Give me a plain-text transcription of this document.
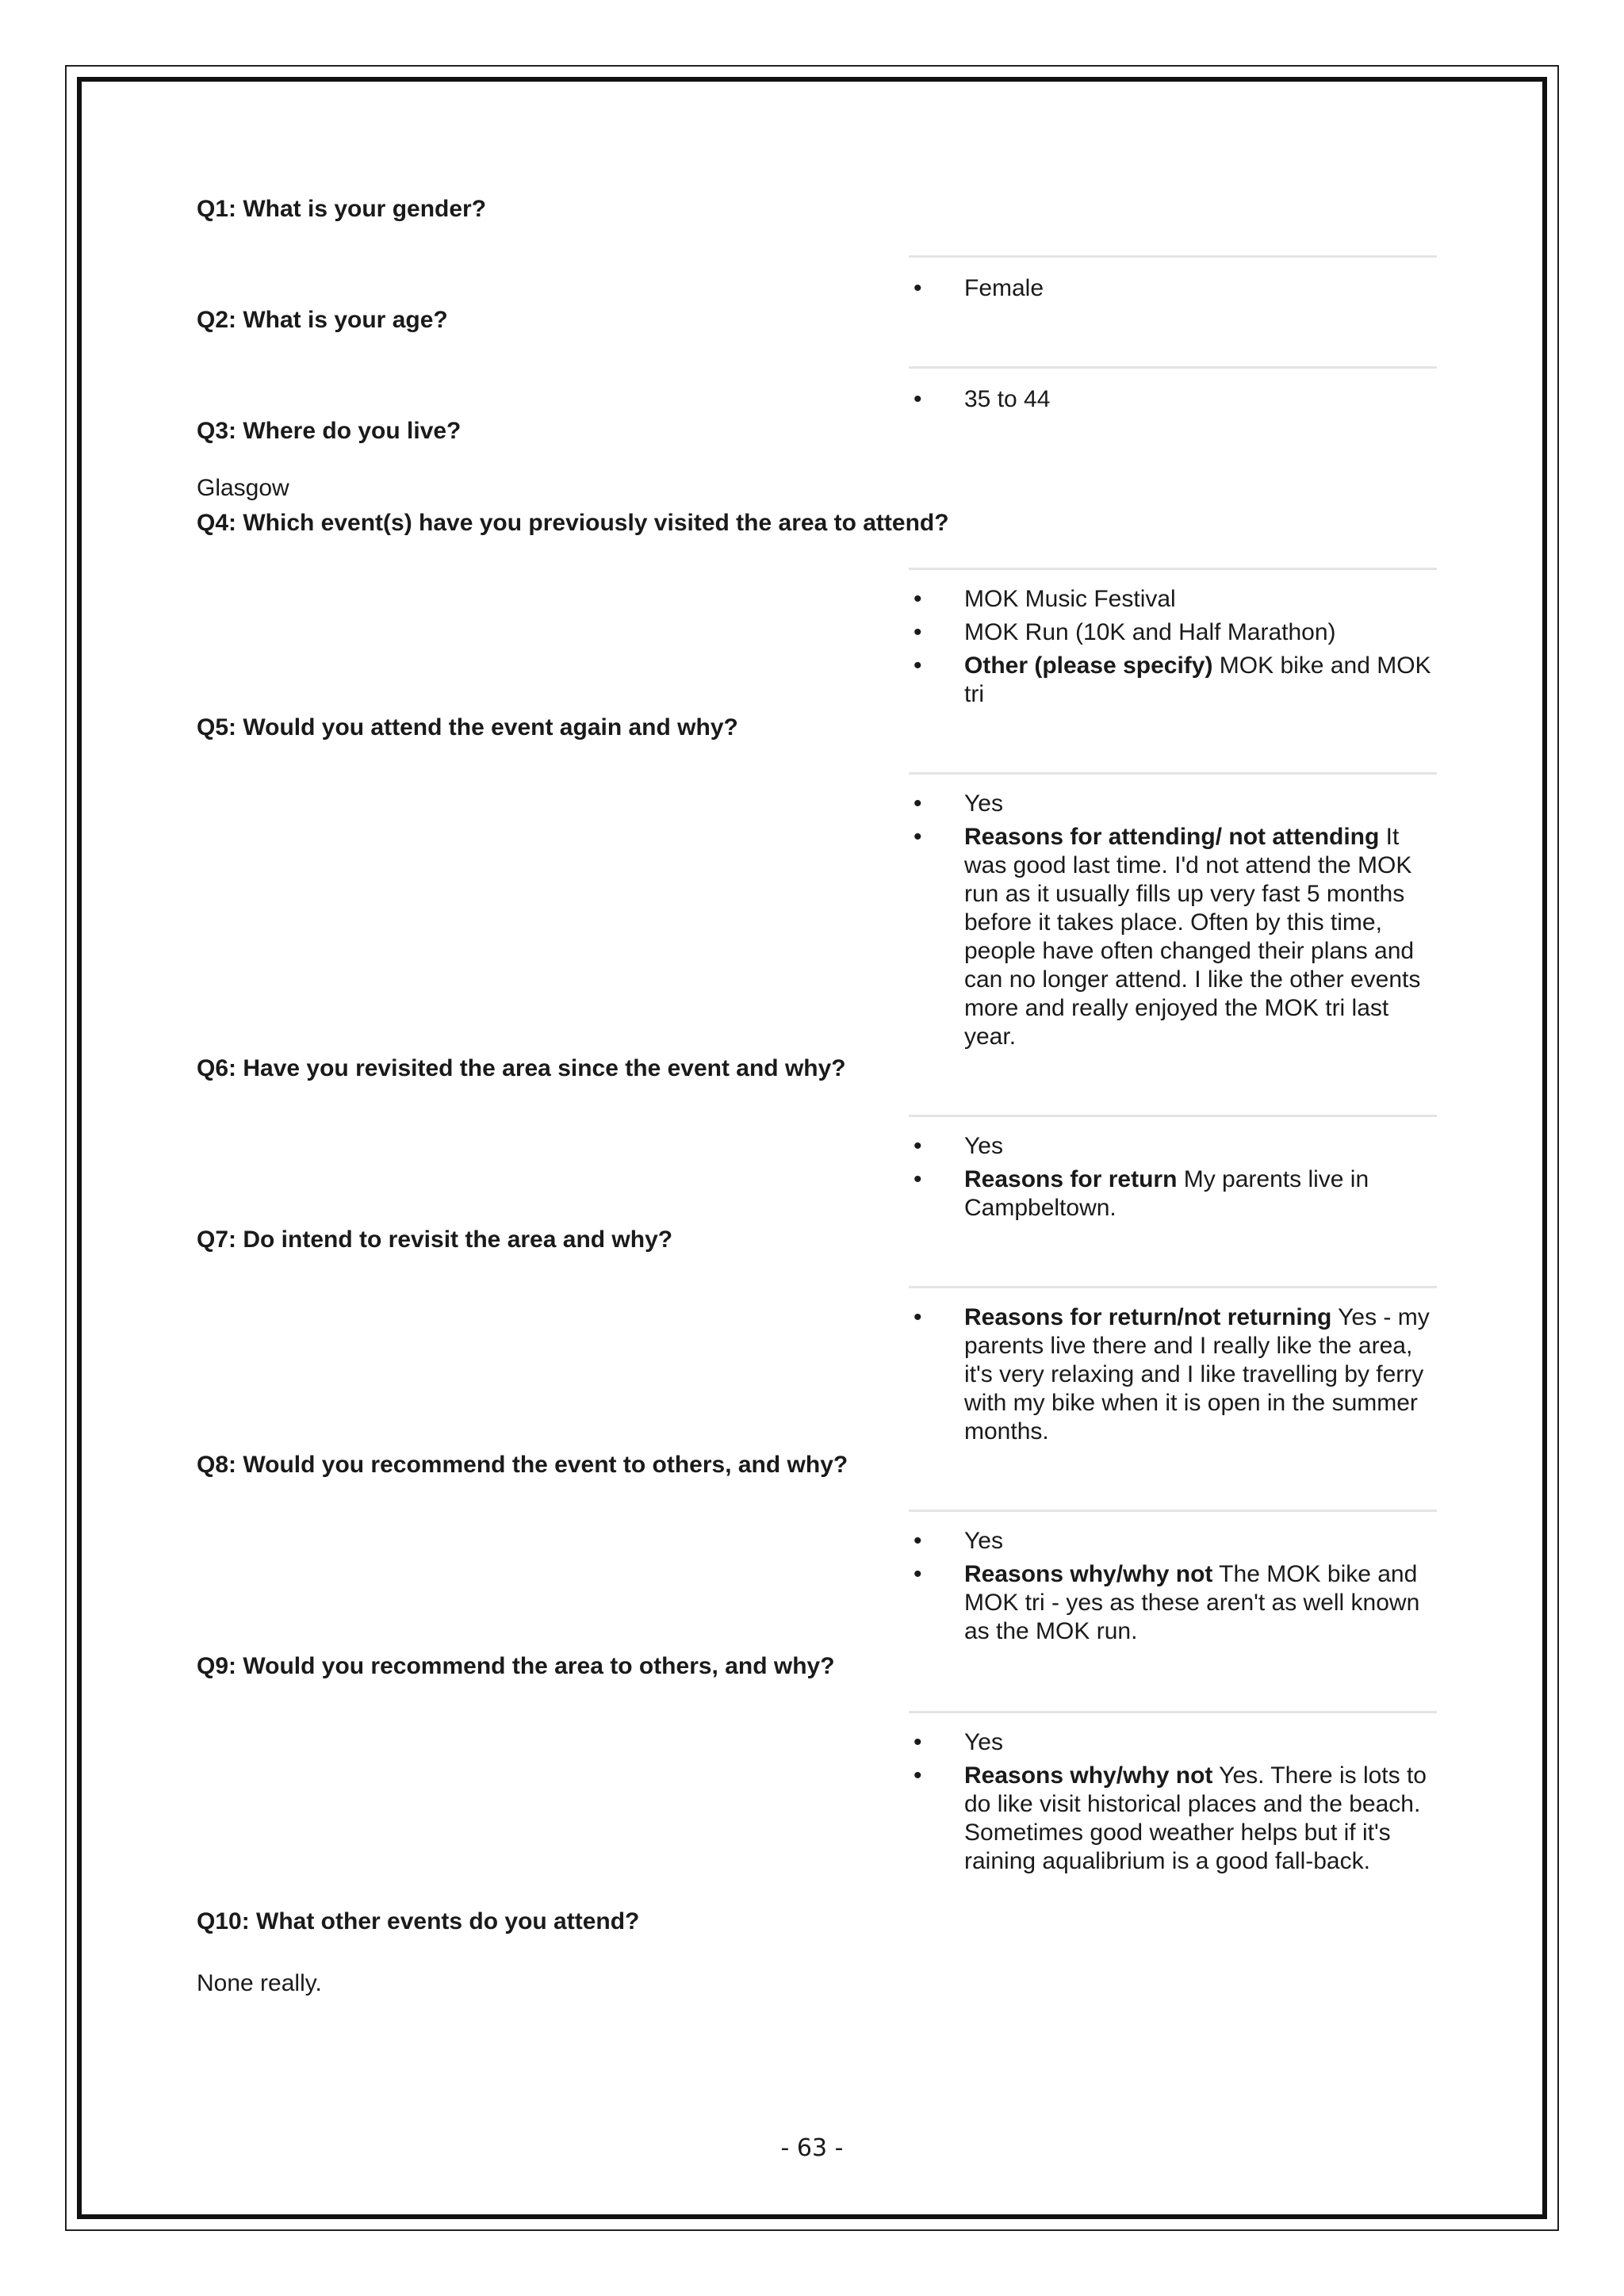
Q1: What is your gender?
• Female
Q2: What is your age?
• 35 to 44
Q3: Where do you live?
Glasgow
Q4: Which event(s) have you previously visited the area to attend?
• MOK Music Festival
• MOK Run (10K and Half Marathon)
• Other (please specify) MOK bike and MOK tri
Q5: Would you attend the event again and why?
• Yes
• Reasons for attending/ not attending It was good last time. I'd not attend the MOK run as it usually fills up very fast 5 months before it takes place. Often by this time, people have often changed their plans and can no longer attend. I like the other events more and really enjoyed the MOK tri last year.
Q6: Have you revisited the area since the event and why?
• Yes
• Reasons for return My parents live in Campbeltown.
Q7: Do intend to revisit the area and why?
• Reasons for return/not returning Yes - my parents live there and I really like the area, it's very relaxing and I like travelling by ferry with my bike when it is open in the summer months.
Q8: Would you recommend the event to others, and why?
• Yes
• Reasons why/why not The MOK bike and MOK tri - yes as these aren't as well known as the MOK run.
Q9: Would you recommend the area to others, and why?
• Yes
• Reasons why/why not Yes. There is lots to do like visit historical places and the beach. Sometimes good weather helps but if it's raining aqualibrium is a good fall-back.
Q10: What other events do you attend?
None really.
- 63 -
